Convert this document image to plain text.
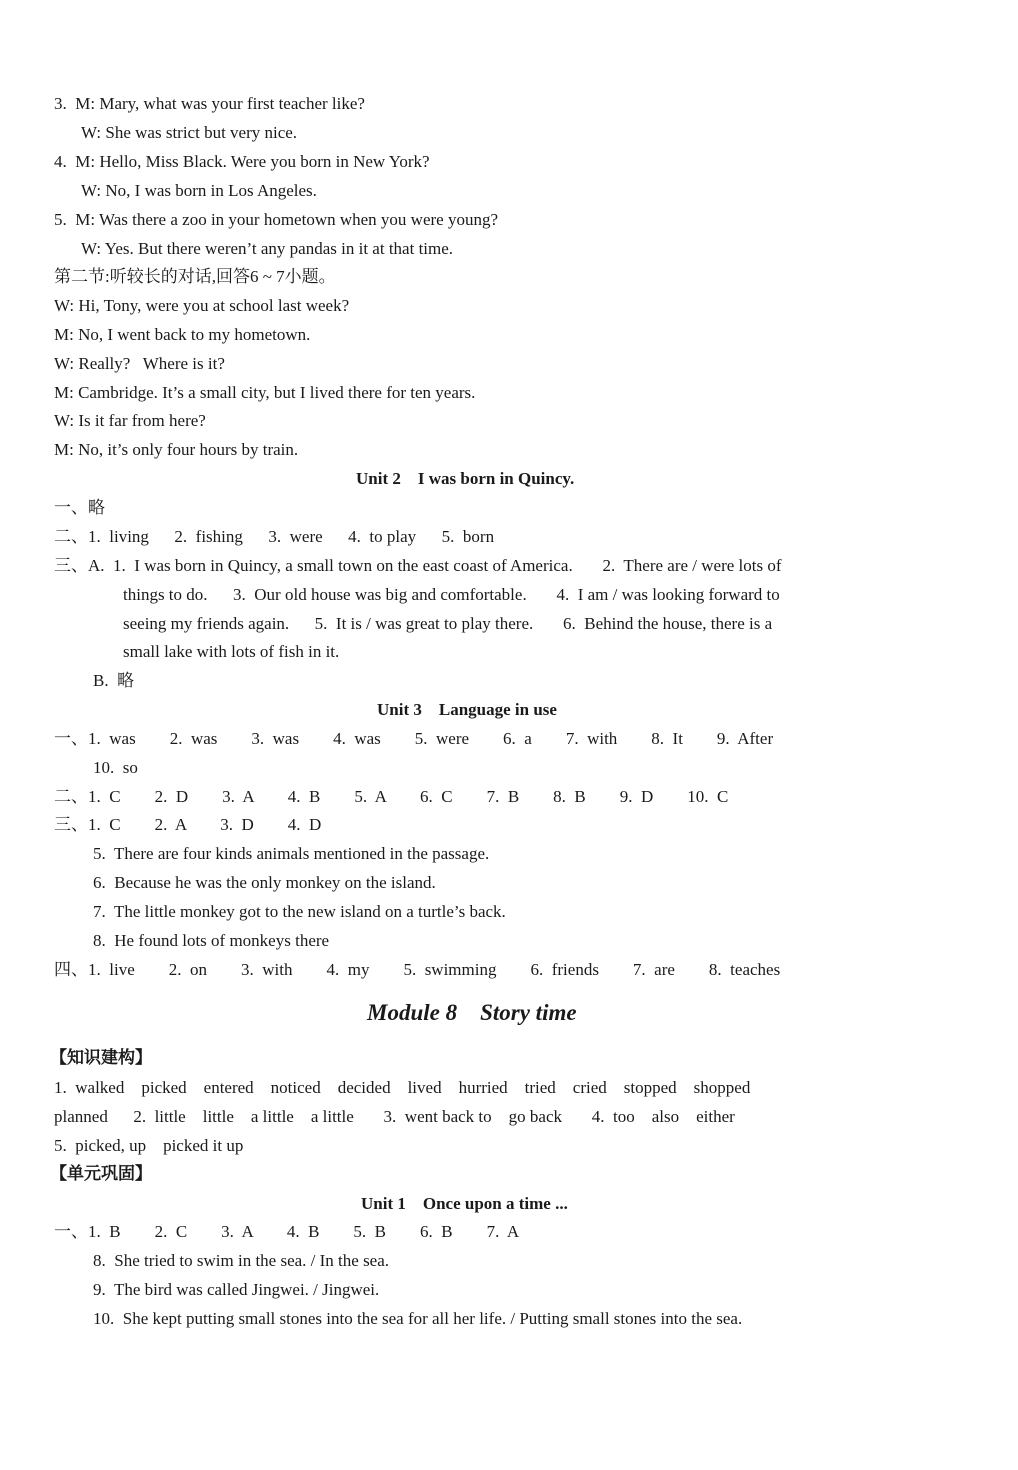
3.  M: Mary, what was your first teacher like?
W: She was strict but very nice.
4.  M: Hello, Miss Black. Were you born in New York?
W: No, I was born in Los Angeles.
5.  M: Was there a zoo in your hometown when you were young?
W: Yes. But there weren’t any pandas in it at that time.
第二节:听较长的对话,回答6 ~ 7小题。
W: Hi, Tony, were you at school last week?
M: No, I went back to my hometown.
W: Really?   Where is it?
M: Cambridge. It’s a small city, but I lived there for ten years.
W: Is it far from here?
M: No, it’s only four hours by train.
Unit 2    I was born in Quincy.
一、略
二、1.  living      2.  fishing      3.  were      4.  to play      5.  born
三、A.  1.  I was born in Quincy, a small town on the east coast of America.       2.  There are / were lots of
things to do.      3.  Our old house was big and comfortable.       4.  I am / was looking forward to
seeing my friends again.      5.  It is / was great to play there.       6.  Behind the house, there is a
small lake with lots of fish in it.
B.  略
Unit 3    Language in use
一、1.  was        2.  was        3.  was        4.  was        5.  were        6.  a        7.  with        8.  It        9.  After
10.  so
二、1.  C        2.  D        3.  A        4.  B        5.  A        6.  C        7.  B        8.  B        9.  D        10.  C
三、1.  C        2.  A        3.  D        4.  D
5.  There are four kinds animals mentioned in the passage.
6.  Because he was the only monkey on the island.
7.  The little monkey got to the new island on a turtle’s back.
8.  He found lots of monkeys there
四、1.  live        2.  on        3.  with        4.  my        5.  swimming        6.  friends        7.  are        8.  teaches
Module 8    Story time
【知识建构】
1.  walked    picked    entered    noticed    decided    lived    hurried    tried    cried    stopped    shopped
planned      2.  little    little    a little    a little       3.  went back to    go back       4.  too    also    either
5.  picked, up    picked it up
【单元巩固】
Unit 1    Once upon a time ...
一、1.  B        2.  C        3.  A        4.  B        5.  B        6.  B        7.  A
8.  She tried to swim in the sea. / In the sea.
9.  The bird was called Jingwei. / Jingwei.
10.  She kept putting small stones into the sea for all her life. / Putting small stones into the sea.
